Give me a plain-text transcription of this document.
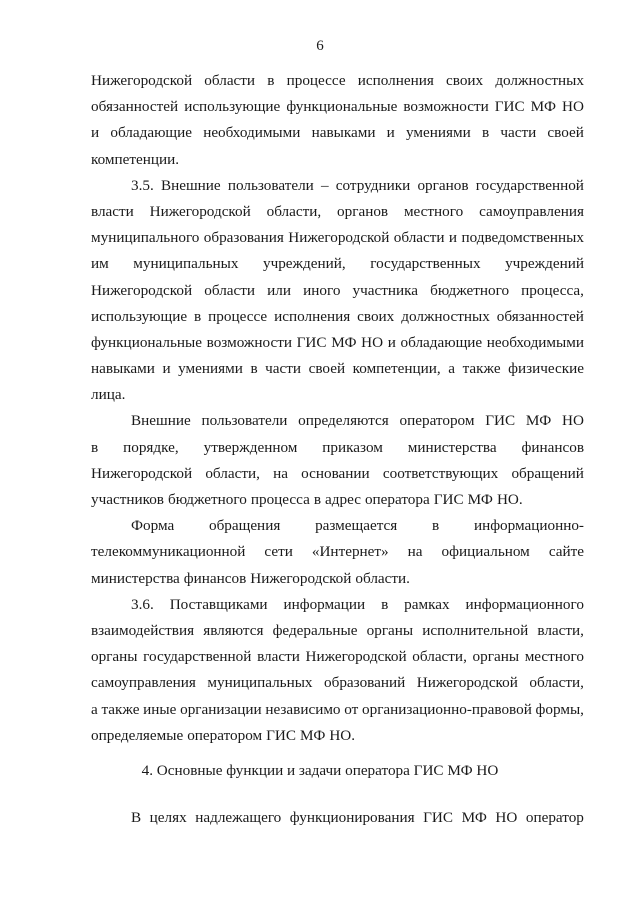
6
Нижегородской области в процессе исполнения своих должностных
обязанностей использующие функциональные возможности ГИС МФ НО
и обладающие необходимыми навыками и умениями в части своей
компетенции.
3.5. Внешние пользователи – сотрудники органов государственной
власти Нижегородской области, органов местного самоуправления
муниципального образования Нижегородской области и подведомственных
им муниципальных учреждений, государственных учреждений
Нижегородской области или иного участника бюджетного процесса,
использующие в процессе исполнения своих должностных обязанностей
функциональные возможности ГИС МФ НО и обладающие необходимыми
навыками и умениями в части своей компетенции, а также физические
лица.
Внешние пользователи определяются оператором ГИС МФ НО
в порядке, утвержденном приказом министерства финансов
Нижегородской области, на основании соответствующих обращений
участников бюджетного процесса в адрес оператора ГИС МФ НО.
Форма обращения размещается в информационно-
телекоммуникационной сети «Интернет» на официальном сайте
министерства финансов Нижегородской области.
3.6. Поставщиками информации в рамках информационного
взаимодействия являются федеральные органы исполнительной власти,
органы государственной власти Нижегородской области, органы местного
самоуправления муниципальных образований Нижегородской области,
а также иные организации независимо от организационно-правовой формы,
определяемые оператором ГИС МФ НО.
4. Основные функции и задачи оператора ГИС МФ НО
В целях надлежащего функционирования ГИС МФ НО оператор
